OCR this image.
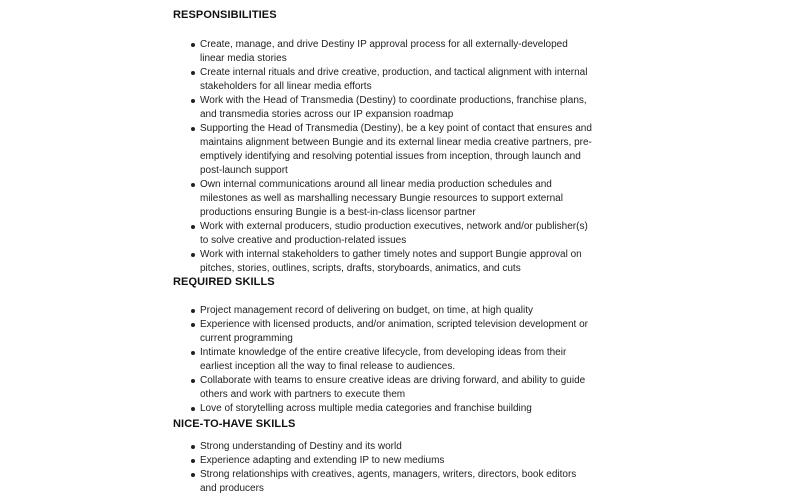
RESPONSIBILITIES
Create, manage, and drive Destiny IP approval process for all externally-developed linear media stories
Create internal rituals and drive creative, production, and tactical alignment with internal stakeholders for all linear media efforts
Work with the Head of Transmedia (Destiny) to coordinate productions, franchise plans, and transmedia stories across our IP expansion roadmap
Supporting the Head of Transmedia (Destiny), be a key point of contact that ensures and maintains alignment between Bungie and its external linear media creative partners, pre-emptively identifying and resolving potential issues from inception, through launch and post-launch support
Own internal communications around all linear media production schedules and milestones as well as marshalling necessary Bungie resources to support external productions ensuring Bungie is a best-in-class licensor partner
Work with external producers, studio production executives, network and/or publisher(s) to solve creative and production-related issues
Work with internal stakeholders to gather timely notes and support Bungie approval on pitches, stories, outlines, scripts, drafts, storyboards, animatics, and cuts
REQUIRED SKILLS
Project management record of delivering on budget, on time, at high quality
Experience with licensed products, and/or animation, scripted television development or current programming
Intimate knowledge of the entire creative lifecycle, from developing ideas from their earliest inception all the way to final release to audiences.
Collaborate with teams to ensure creative ideas are driving forward, and ability to guide others and work with partners to execute them
Love of storytelling across multiple media categories and franchise building
NICE-TO-HAVE SKILLS
Strong understanding of Destiny and its world
Experience adapting and extending IP to new mediums
Strong relationships with creatives, agents, managers, writers, directors, book editors and producers
